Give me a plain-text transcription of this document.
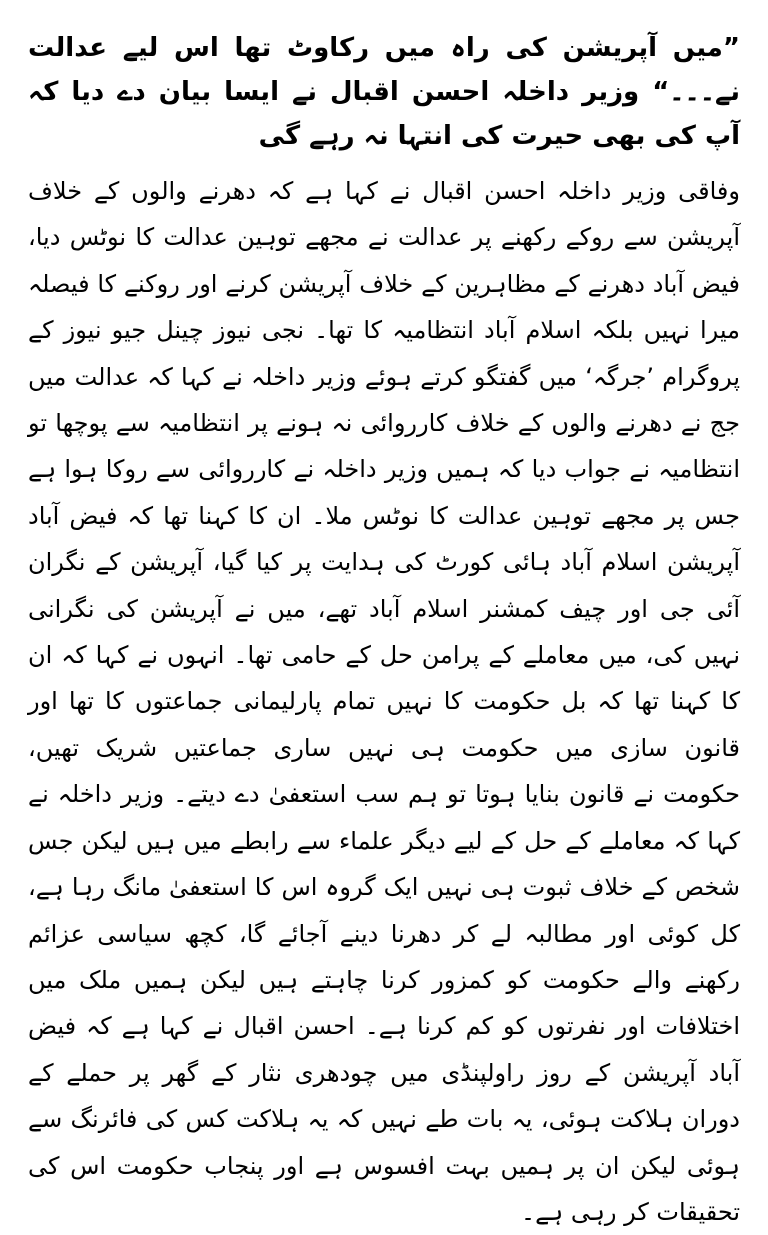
”میں آپریشن کی راہ میں رکاوٹ تھا اس لیے عدالت نے۔۔۔“ وزیر داخلہ احسن اقبال نے ایسا بیان دے دیا کہ آپ کی بھی حیرت کی انتہا نہ رہے گی

وفاقی وزیر داخلہ احسن اقبال نے کہا ہے کہ دھرنے والوں کے خلاف آپریشن سے روکے رکھنے پر عدالت نے مجھے توہین عدالت کا نوٹس دیا، فیض آباد دھرنے کے مظاہرین کے خلاف آپریشن کرنے اور روکنے کا فیصلہ میرا نہیں بلکہ اسلام آباد انتظامیہ کا تھا۔ نجی نیوز چینل جیو نیوز کے پروگرام ’جرگہ‘ میں گفتگو کرتے ہوئے وزیر داخلہ نے کہا کہ عدالت میں جج نے دھرنے والوں کے خلاف کارروائی نہ ہونے پر انتظامیہ سے پوچھا تو انتظامیہ نے جواب دیا کہ ہمیں وزیر داخلہ نے کارروائی سے روکا ہوا ہے جس پر مجھے توہین عدالت کا نوٹس ملا۔ ان کا کہنا تھا کہ فیض آباد آپریشن اسلام آباد ہائی کورٹ کی ہدایت پر کیا گیا، آپریشن کے نگران آئی جی اور چیف کمشنر اسلام آباد تھے، میں نے آپریشن کی نگرانی نہیں کی، میں معاملے کے پرامن حل کے حامی تھا۔ انہوں نے کہا کہ ان کا کہنا تھا کہ بل حکومت کا نہیں تمام پارلیمانی جماعتوں کا تھا اور قانون سازی میں حکومت ہی نہیں ساری جماعتیں شریک تھیں، حکومت نے قانون بنایا ہوتا تو ہم سب استعفیٰ دے دیتے۔ وزیر داخلہ نے کہا کہ معاملے کے حل کے لیے دیگر علماء سے رابطے میں ہیں لیکن جس شخص کے خلاف ثبوت ہی نہیں ایک گروہ اس کا استعفیٰ مانگ رہا ہے، کل کوئی اور مطالبہ لے کر دھرنا دینے آجائے گا، کچھ سیاسی عزائم رکھنے والے حکومت کو کمزور کرنا چاہتے ہیں لیکن ہمیں ملک میں اختلافات اور نفرتوں کو کم کرنا ہے۔ احسن اقبال نے کہا ہے کہ فیض آباد آپریشن کے روز راولپنڈی میں چودھری نثار کے گھر پر حملے کے دوران ہلاکت ہوئی، یہ بات طے نہیں کہ یہ ہلاکت کس کی فائرنگ سے ہوئی لیکن ان پر ہمیں بہت افسوس ہے اور پنجاب حکومت اس کی تحقیقات کر رہی ہے۔
